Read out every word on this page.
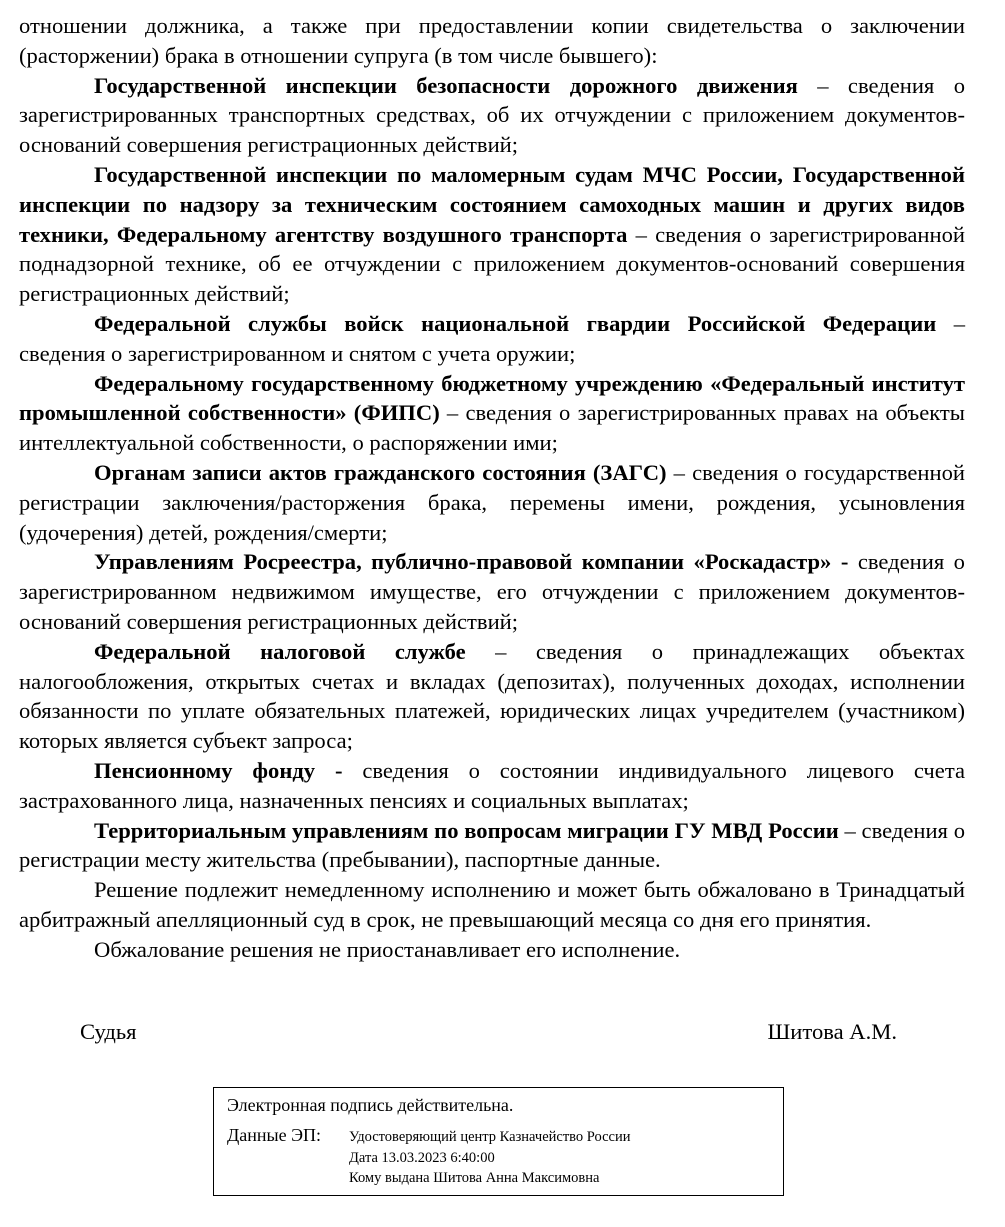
отношении должника, а также при предоставлении копии свидетельства о заключении (расторжении) брака в отношении супруга (в том числе бывшего):

Государственной инспекции безопасности дорожного движения – сведения о зарегистрированных транспортных средствах, об их отчуждении с приложением документов-оснований совершения регистрационных действий;

Государственной инспекции по маломерным судам МЧС России, Государственной инспекции по надзору за техническим состоянием самоходных машин и других видов техники, Федеральному агентству воздушного транспорта – сведения о зарегистрированной поднадзорной технике, об ее отчуждении с приложением документов-оснований совершения регистрационных действий;

Федеральной службы войск национальной гвардии Российской Федерации – сведения о зарегистрированном и снятом с учета оружии;

Федеральному государственному бюджетному учреждению «Федеральный институт промышленной собственности» (ФИПС) – сведения о зарегистрированных правах на объекты интеллектуальной собственности, о распоряжении ими;

Органам записи актов гражданского состояния (ЗАГС) – сведения о государственной регистрации заключения/расторжения брака, перемены имени, рождения, усыновления (удочерения) детей, рождения/смерти;

Управлениям Росреестра, публично-правовой компании «Роскадастр» - сведения о зарегистрированном недвижимом имуществе, его отчуждении с приложением документов-оснований совершения регистрационных действий;

Федеральной налоговой службе – сведения о принадлежащих объектах налогообложения, открытых счетах и вкладах (депозитах), полученных доходах, исполнении обязанности по уплате обязательных платежей, юридических лицах учредителем (участником) которых является субъект запроса;

Пенсионному фонду - сведения о состоянии индивидуального лицевого счета застрахованного лица, назначенных пенсиях и социальных выплатах;

Территориальным управлениям по вопросам миграции ГУ МВД России – сведения о регистрации месту жительства (пребывании), паспортные данные.

Решение подлежит немедленному исполнению и может быть обжаловано в Тринадцатый арбитражный апелляционный суд в срок, не превышающий месяца со дня его принятия.

Обжалование решения не приостанавливает его исполнение.

Судья	Шитова А.М.
Электронная подпись действительна.
Данные ЭП: Удостоверяющий центр Казначейство России
Дата 13.03.2023 6:40:00
Кому выдана Шитова Анна Максимовна
